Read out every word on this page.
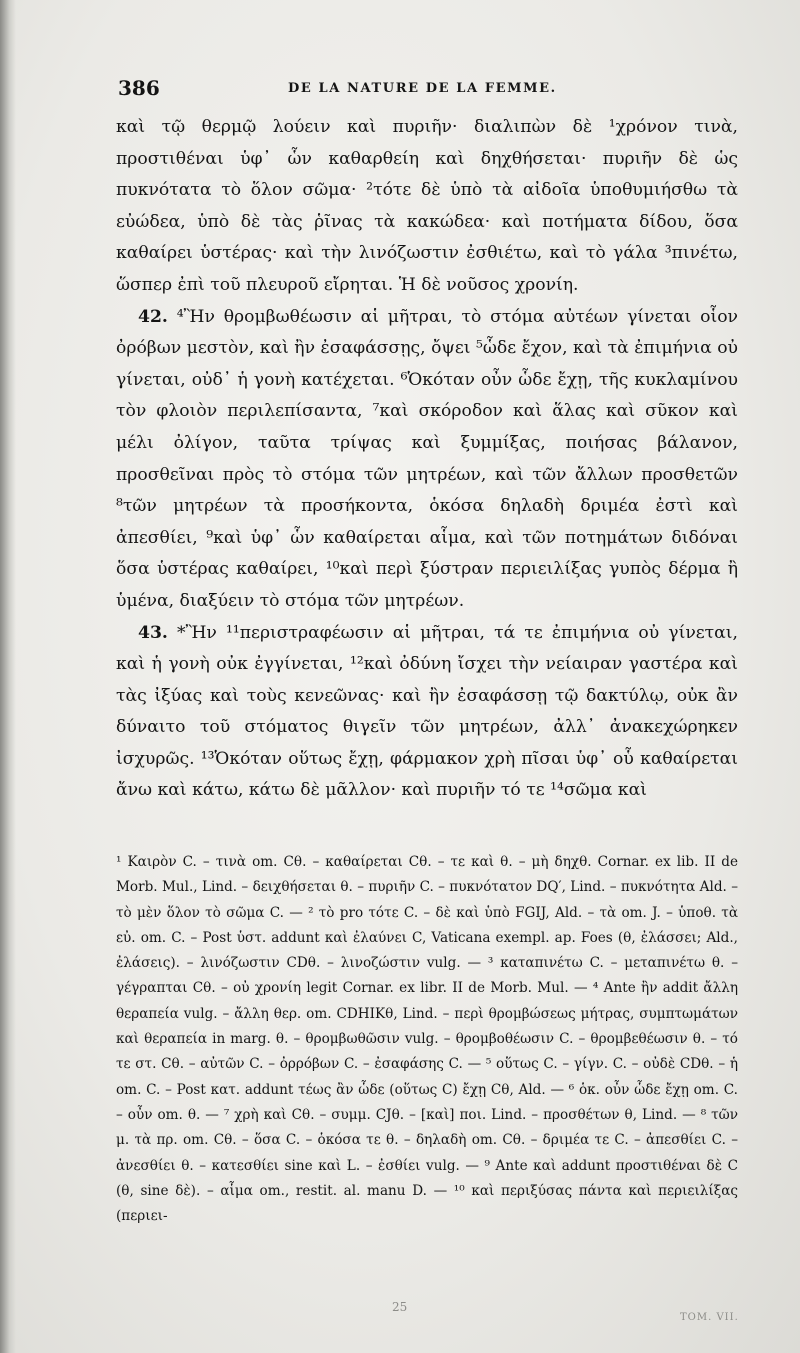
386	DE LA NATURE DE LA FEMME.

καὶ τῷ θερμῷ λούειν καὶ πυριῆν· διαλιπὼν δὲ ¹χρόνον τινὰ, προστιθέναι ὑφ᾽ ὧν καθαρθείη καὶ δηχθήσεται· πυριῆν δὲ ὡς πυκνότατα τὸ ὅλον σῶμα· ²τότε δὲ ὑπὸ τὰ αἰδοῖα ὑποθυμιήσθω τὰ εὐώδεα, ὑπὸ δὲ τὰς ῥῖνας τὰ κακώδεα· καὶ ποτήματα δίδου, ὅσα καθαίρει ὑστέρας· καὶ τὴν λινόζωστιν ἐσθιέτω, καὶ τὸ γάλα ³πινέτω, ὥσπερ ἐπὶ τοῦ πλευροῦ εἴρηται. Ἡ δὲ νοῦσος χρονίη.

42. ⁴Ἢν θρομβωθέωσιν αἱ μῆτραι, τὸ στόμα αὐτέων γίνεται οἷον ὀρόβων μεστὸν, καὶ ἢν ἐσαφάσσῃς, ὄψει ⁵ὧδε ἔχον, καὶ τὰ ἐπιμήνια οὐ γίνεται, οὐδ᾽ ἡ γονὴ κατέχεται. ⁶Ὁκόταν οὖν ὧδε ἔχῃ, τῆς κυκλαμίνου τὸν φλοιὸν περιλεπίσαντα, ⁷καὶ σκόροδον καὶ ἅλας καὶ σῦκον καὶ μέλι ὀλίγον, ταῦτα τρίψας καὶ ξυμμίξας, ποιήσας βάλανον, προσθεῖναι πρὸς τὸ στόμα τῶν μητρέων, καὶ τῶν ἄλλων προσθετῶν ⁸τῶν μητρέων τὰ προσήκοντα, ὁκόσα δηλαδὴ δριμέα ἐστὶ καὶ ἀπεσθίει, ⁹καὶ ὑφ᾽ ὧν καθαίρεται αἷμα, καὶ τῶν ποτημάτων διδόναι ὅσα ὑστέρας καθαίρει, ¹⁰καὶ περὶ ξύστραν περιειλίξας γυπὸς δέρμα ἢ ὑμένα, διαξύειν τὸ στόμα τῶν μητρέων.

43. *Ἢν ¹¹περιστραφέωσιν αἱ μῆτραι, τά τε ἐπιμήνια οὐ γίνεται, καὶ ἡ γονὴ οὐκ ἐγγίνεται, ¹²καὶ ὀδύνη ἴσχει τὴν νείαιραν γαστέρα καὶ τὰς ἰξύας καὶ τοὺς κενεῶνας· καὶ ἢν ἐσαφάσσῃ τῷ δακτύλῳ, οὐκ ἂν δύναιτο τοῦ στόματος θιγεῖν τῶν μητρέων, ἀλλ᾽ ἀνακεχώρηκεν ἰσχυρῶς. ¹³Ὁκόταν οὕτως ἔχῃ, φάρμακον χρὴ πῖσαι ὑφ᾽ οὗ καθαίρεται ἄνω καὶ κάτω, κάτω δὲ μᾶλλον· καὶ πυριῆν τό τε ¹⁴σῶμα καὶ

¹ Καιρὸν C. – τινὰ om. Cθ. – καθαίρεται Cθ. – τε καὶ θ. – μὴ δηχθ. Cornar. ex lib. II de Morb. Mul., Lind. – δειχθήσεται θ. – πυριῆν C. – πυκνότατον DQ′, Lind. – πυκνότητα Ald. – τὸ μὲν ὅλον τὸ σῶμα C. — ² τὸ pro τότε C. – δὲ καὶ ὑπὸ FGIJ, Ald. – τὰ om. J. – ὑποθ. τὰ εὐ. om. C. – Post ὑστ. addunt καὶ ἐλαύνει C, Vaticana exempl. ap. Foes (θ, ἐλάσσει; Ald., ἐλάσεις). – λινόζωστιν CDθ. – λινοζώστιν vulg. — ³ καταπινέτω C. – μεταπινέτω θ. – γέγραπται Cθ. – οὐ χρονίη legit Cornar. ex libr. II de Morb. Mul. — ⁴ Ante ἢν addit ἄλλη θεραπεία vulg. – ἄλλη θερ. om. CDHIKθ, Lind. – περὶ θρομβώσεως μήτρας, συμπτωμάτων καὶ θεραπεία in marg. θ. – θρομβωθῶσιν vulg. – θρομβοθέωσιν C. – θρομβεθέωσιν θ. – τό τε στ. Cθ. – αὐτῶν C. – ὀρρόβων C. – ἐσαφάσης C. — ⁵ οὕτως C. – γίγν. C. – οὐδὲ CDθ. – ἡ om. C. – Post κατ. addunt τέως ἂν ὧδε (οὕτως C) ἔχῃ Cθ, Ald. — ⁶ ὁκ. οὖν ὧδε ἔχῃ om. C. – οὖν om. θ. — ⁷ χρὴ καὶ Cθ. – συμμ. CJθ. – [καὶ] ποι. Lind. – προσθέτων θ, Lind. — ⁸ τῶν μ. τὰ πρ. om. Cθ. – ὅσα C. – ὁκόσα τε θ. – δηλαδὴ om. Cθ. – δριμέα τε C. – ἀπεσθίει C. – ἀνεσθίει θ. – κατεσθίει sine καὶ L. – ἐσθίει vulg. — ⁹ Ante καὶ addunt προστιθέναι δὲ C (θ, sine δὲ). – αἷμα om., restit. al. manu D. — ¹⁰ καὶ περιξύσας πάντα καὶ περιειλίξας (περιει-

25
TOM. VII.
